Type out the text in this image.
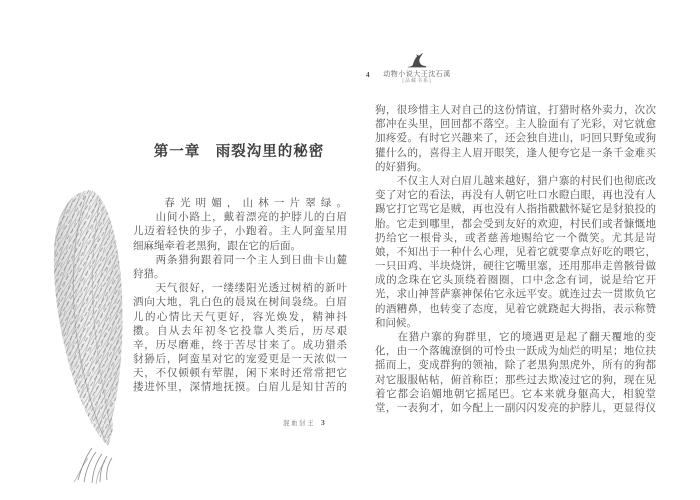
第一章　雨裂沟里的秘密
　　春光明媚，山林一片翠绿。
　　山间小路上，戴着漂亮的护脖儿的白眉
儿迈着轻快的步子，小跑着。主人阿蛮星用
细麻绳牵着老黑狗，跟在它的后面。
　　两条猎狗跟着同一个主人到日曲卡山麓
狩猎。
　　天气很好，一缕缕阳光透过树梢的新叶
洒向大地，乳白色的晨岚在树间袅绕。白眉
儿的心情比天气更好，容光焕发，精神抖
擞。自从去年初冬它投靠人类后，历尽艰
辛，历尽磨难，终于苦尽甘来了。成功猎杀
豺狲后，阿蛮星对它的宠爱更是一天浓似一
天，不仅顿顿有荤腥，闲下来时还常常把它
搂进怀里，深情地抚摸。白眉儿是知甘苦的
混血豺王 3
动物小说大王沈石溪
[品藏书系]
4
狗，很珍惜主人对自己的这份情谊，打猎时格外卖力，次次
都冲在头里，回回都不落空。主人脸面有了光彩，对它就愈
加疼爱。有时它兴趣来了，还会独自进山，叼回只野兔或狗
獾什么的，喜得主人眉开眼笑，逢人便夸它是一条千金难买
的好猎狗。
　　不仅主人对白眉儿越来越好，猎户寨的村民们也彻底改
变了对它的看法，再没有人朝它吐口水瞪白眼，再也没有人
踢它打它骂它是贼，再也没有人指指戳戳怀疑它是豺狼投的
胎。它走到哪里，都会受到友好的欢迎，村民们或者慷慨地
扔给它一根骨头，或者慈善地赐给它一个微笑。尤其是岢
娘，不知出于一种什么心理，见着它就要拿点好吃的喂它，
一只田鸡、半块烧饼，硬往它嘴里塞，还用那串走兽骸骨做
成的念珠在它头顶绕着圈圈，口中念念有词，说是给它开
光，求山神菩萨寨神保佑它永远平安。就连过去一贯欺负它
的酒糟鼻，也转变了态度，见着它就跷起大拇指，表示称赞
和问候。
　　在猎户寨的狗群里，它的境遇更是起了翻天覆地的变
化，由一个落魄潦倒的可怜虫一跃成为灿烂的明星；地位扶
摇而上，变成群狗的领袖，除了老黑狗黑虎外，所有的狗都
对它服服帖帖，俯首称臣；那些过去欺凌过它的狗，现在见
着它都会谄媚地朝它摇尾巴。它本来就身躯高大，相貌堂
堂，一表狗才，如今配上一副闪闪发亮的护脖儿，更显得仪
